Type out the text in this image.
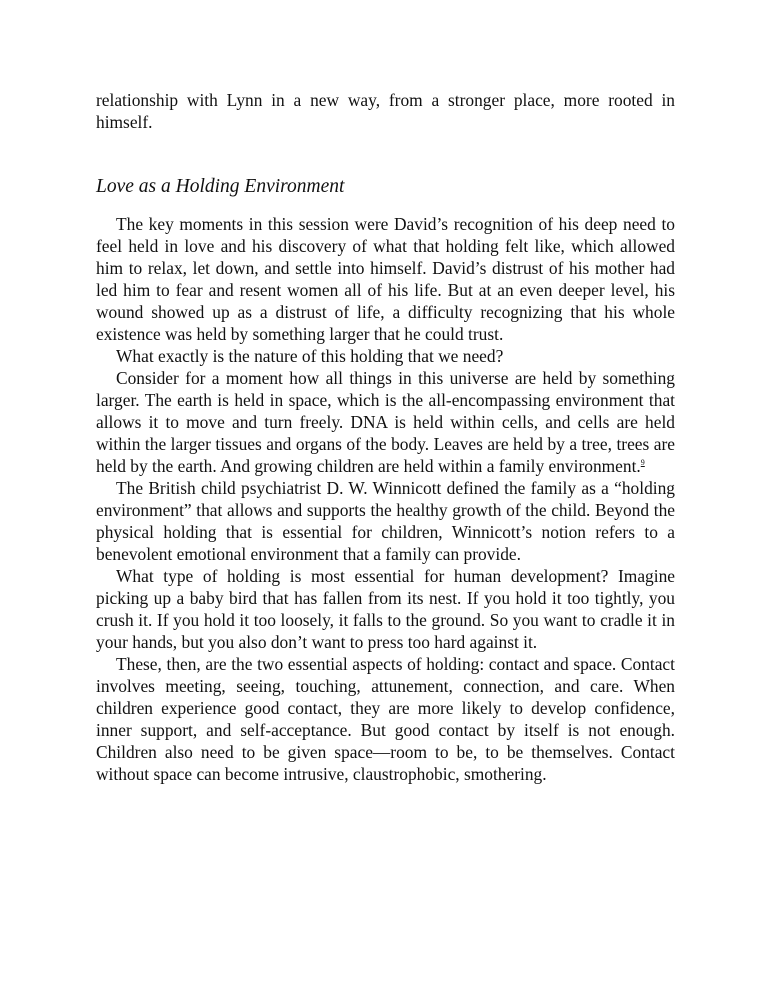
relationship with Lynn in a new way, from a stronger place, more rooted in himself.

Love as a Holding Environment

The key moments in this session were David’s recognition of his deep need to feel held in love and his discovery of what that holding felt like, which allowed him to relax, let down, and settle into himself. David’s distrust of his mother had led him to fear and resent women all of his life. But at an even deeper level, his wound showed up as a distrust of life, a difficulty recognizing that his whole existence was held by something larger that he could trust.

What exactly is the nature of this holding that we need?

Consider for a moment how all things in this universe are held by something larger. The earth is held in space, which is the all-encompassing environment that allows it to move and turn freely. DNA is held within cells, and cells are held within the larger tissues and organs of the body. Leaves are held by a tree, trees are held by the earth. And growing children are held within a family environment.$^9$

The British child psychiatrist D. W. Winnicott defined the family as a “holding environment” that allows and supports the healthy growth of the child. Beyond the physical holding that is essential for children, Winnicott’s notion refers to a benevolent emotional environment that a family can provide.

What type of holding is most essential for human development? Imagine picking up a baby bird that has fallen from its nest. If you hold it too tightly, you crush it. If you hold it too loosely, it falls to the ground. So you want to cradle it in your hands, but you also don’t want to press too hard against it.

These, then, are the two essential aspects of holding: contact and space. Contact involves meeting, seeing, touching, attunement, connection, and care. When children experience good contact, they are more likely to develop confidence, inner support, and self-acceptance. But good contact by itself is not enough. Children also need to be given space—room to be, to be themselves. Contact without space can become intrusive, claustrophobic, smothering.
